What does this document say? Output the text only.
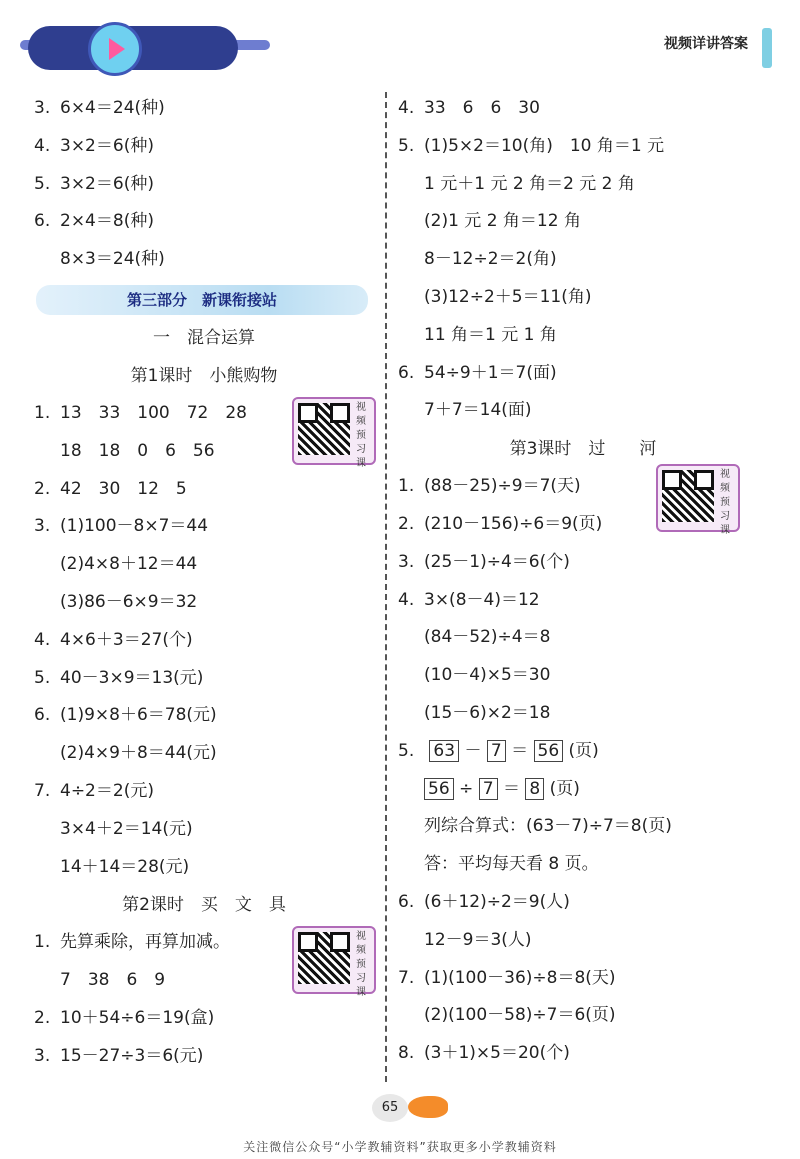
视频详讲答案
3. 6×4＝24(种)
4. 3×2＝6(种)
5. 3×2＝6(种)
6. 2×4＝8(种)
8×3＝24(种)
第三部分　新课衔接站
一　混合运算
第1课时　小熊购物
1. 13　33　100　72　28
18　18　0　6　56
2. 42　30　12　5
3. (1)100－8×7＝44
(2)4×8＋12＝44
(3)86－6×9＝32
4. 4×6＋3＝27(个)
5. 40－3×9＝13(元)
6. (1)9×8＋6＝78(元)
(2)4×9＋8＝44(元)
7. 4÷2＝2(元)
3×4＋2＝14(元)
14＋14＝28(元)
视频预习课
第2课时　买　文　具
1. 先算乘除，再算加减。
7　38　6　9
2. 10＋54÷6＝19(盒)
3. 15－27÷3＝6(元)
视频预习课
4. 33　6　6　30
5. (1)5×2＝10(角)　10 角＝1 元
1 元＋1 元 2 角＝2 元 2 角
(2)1 元 2 角＝12 角
8－12÷2＝2(角)
(3)12÷2＋5＝11(角)
11 角＝1 元 1 角
6. 54÷9＋1＝7(面)
7＋7＝14(面)
第3课时　过　　河
1. (88－25)÷9＝7(天)
2. (210－156)÷6＝9(页)
3. (25－1)÷4＝6(个)
4. 3×(8－4)＝12
(84－52)÷4＝8
(10－4)×5＝30
(15－6)×2＝18
视频预习课
5. 63 － 7 ＝ 56 (页)
56 ÷ 7 ＝ 8 (页)
列综合算式：(63－7)÷7＝8(页)
答：平均每天看 8 页。
6. (6＋12)÷2＝9(人)
12－9＝3(人)
7. (1)(100－36)÷8＝8(天)
(2)(100－58)÷7＝6(页)
8. (3＋1)×5＝20(个)
65
关注微信公众号“小学教辅资料”获取更多小学教辅资料
